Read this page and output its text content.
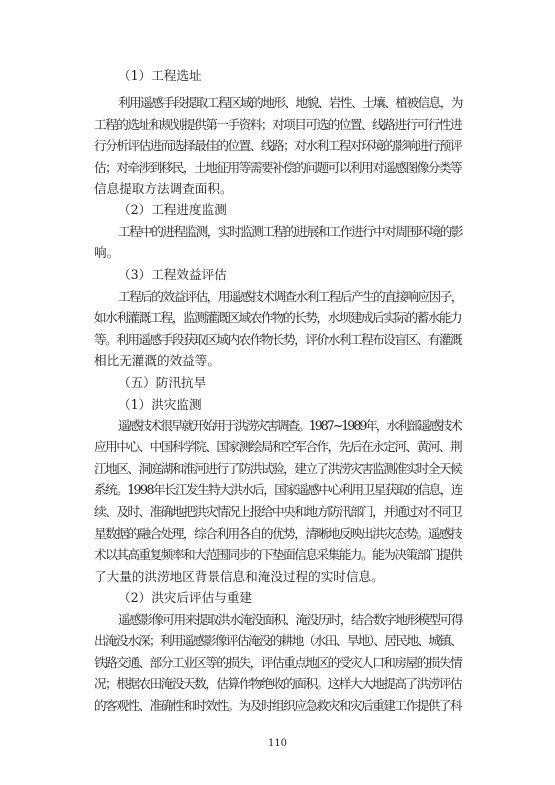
（1）工程选址
利用遥感手段提取工程区域的地形、地貌、岩性、土壤、植被信息，为
工程的选址和规划提供第一手资料；对项目可选的位置、线路进行可行性进
行分析评估进而选择最佳的位置、线路；对水利工程对环境的影响进行预评
估；对牵涉到移民，土地征用等需要补偿的问题可以利用对遥感图像分类等
信息提取方法调查面积。
（2）工程进度监测
工程中的进程监测，实时监测工程的进展和工作进行中对周围环境的影
响。
（3）工程效益评估
工程后的效益评估，用遥感技术调查水利工程后产生的直接响应因子，
如水利灌溉工程，监测灌溉区域农作物的长势，水坝建成后实际的蓄水能力
等。利用遥感手段获取区域内农作物长势，评价水利工程布设盲区、有灌溉
相比无灌溉的效益等。
（五）防汛抗旱
（1）洪灾监测
遥感技术很早就开始用于洪涝灾害调查。1987~1989年，水利部遥感技术
应用中心、中国科学院、国家测绘局和空军合作，先后在永定河、黄河、荆
江地区、洞庭湖和淮河进行了防洪试验，建立了洪涝灾害监测准实时全天候
系统。1998年长江发生特大洪水后，国家遥感中心利用卫星获取的信息，连
续、及时、准确地把洪灾情况上报给中央和地方防汛部门，并通过对不同卫
星数据的融合处理，综合利用各自的优势，清晰地反映出洪灾态势。遥感技
术以其高重复频率和大范围同步的下垫面信息采集能力。能为决策部门提供
了大量的洪涝地区背景信息和淹没过程的实时信息。
（2）洪灾后评估与重建
遥感影像可用来提取洪水淹没面积、淹没历时，结合数字地形模型可得
出淹没水深；利用遥感影像评估淹没的耕地（水田、旱地）、居民地、城镇、
铁路交通、部分工业区等的损失，评估重点地区的受灾人口和房屋的损失情
况；根据农田淹没天数，估算作物绝收的面积。这样大大地提高了洪涝评估
的客观性、准确性和时效性。为及时组织应急救灾和灾后重建工作提供了科
110
